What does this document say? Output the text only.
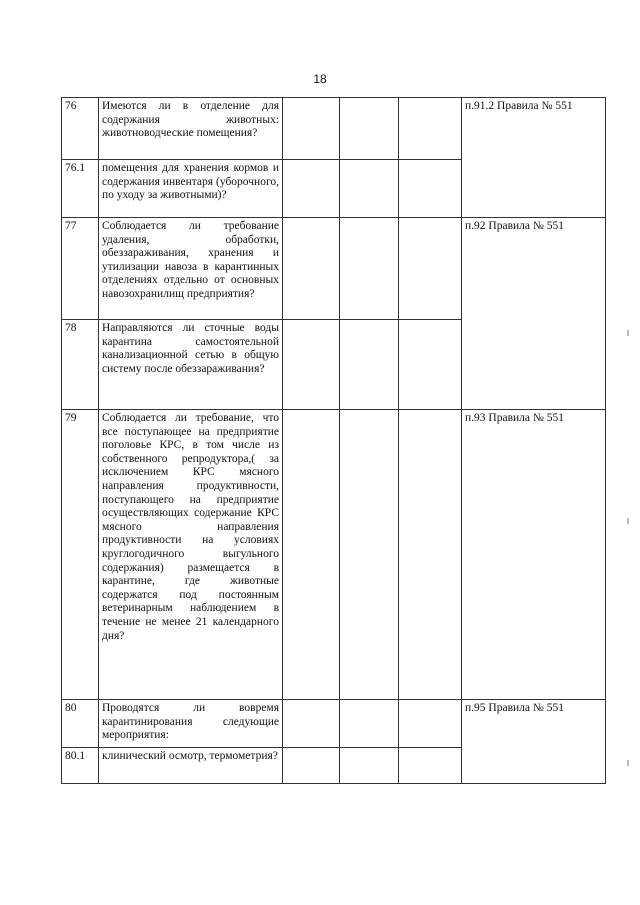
18
76	Имеются ли в отделение для содержания животных: животноводческие помещения?				п.91.2 Правила № 551
76.1	помещения для хранения кормов и содержания инвентаря (уборочного, по уходу за животными)?				
77	Соблюдается ли требование удаления, обработки, обеззараживания, хранения и утилизации навоза в карантинных отделениях отдельно от основных навозохранилищ предприятия?				п.92 Правила № 551
78	Направляются ли сточные воды карантина самостоятельной канализационной сетью в общую систему после обеззараживания?				
79	Соблюдается ли требование, что все поступающее на предприятие поголовье КРС, в том числе из собственного репродуктора,( за исключением КРС мясного направления продуктивности, поступающего на предприятие осуществляющих содержание КРС мясного направления продуктивности на условиях круглогодичного выгульного содержания) размещается в карантине, где животные содержатся под постоянным ветеринарным наблюдением в течение не менее 21 календарного дня?				п.93 Правила № 551
80	Проводятся ли вовремя карантинирования следующие мероприятия:				п.95 Правила № 551
80.1	клинический осмотр, термометрия?				
